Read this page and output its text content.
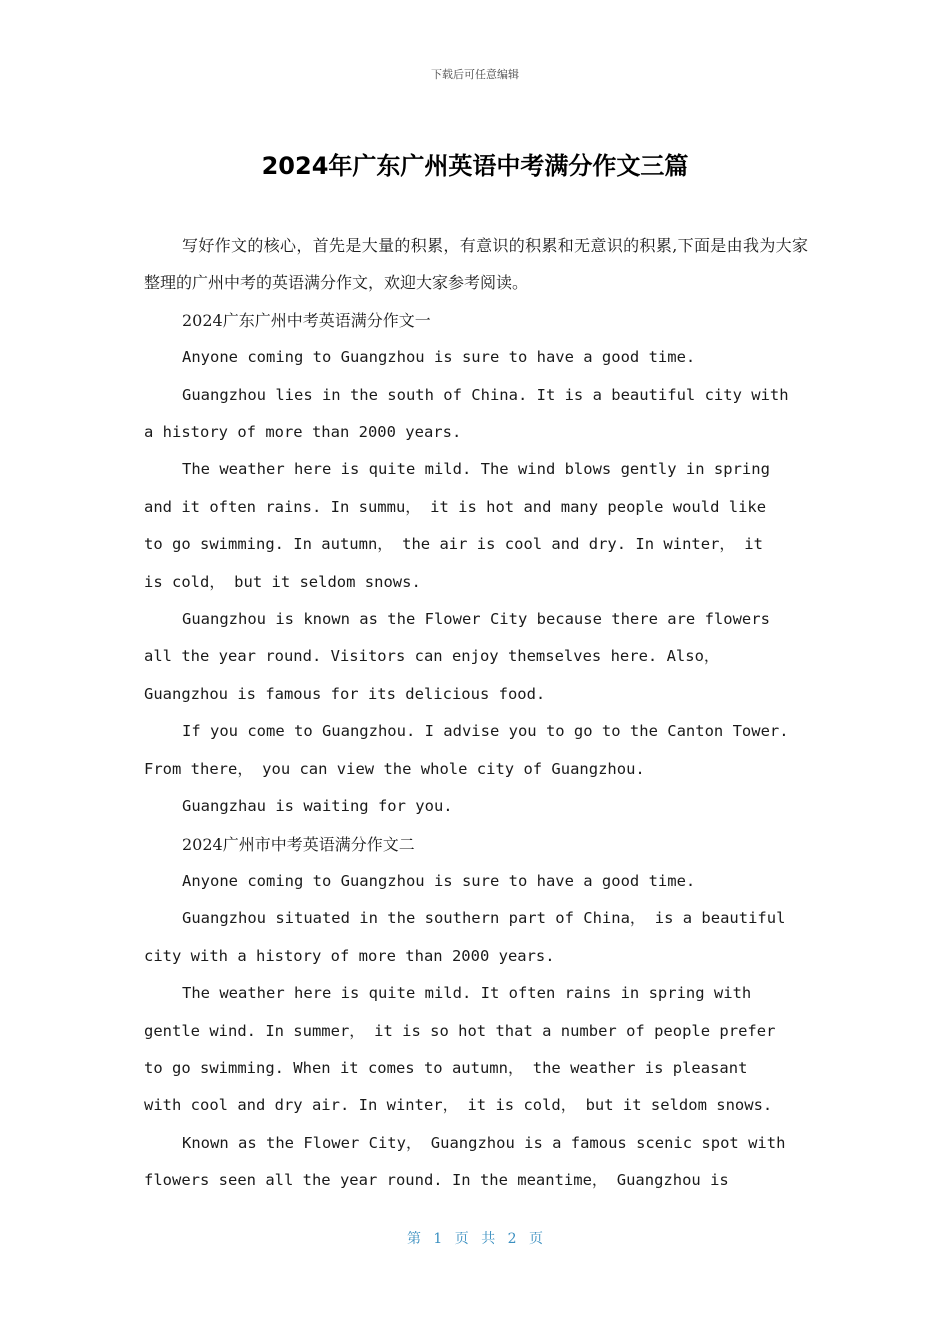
下载后可任意编辑
2024年广东广州英语中考满分作文三篇

写好作文的核心，首先是大量的积累，有意识的积累和无意识的积累,下面是由我为大家整理的广州中考的英语满分作文，欢迎大家参考阅读。

2024广东广州中考英语满分作文一

Anyone coming to Guangzhou is sure to have a good time.

Guangzhou lies in the south of China. It is a beautiful city with
a history of more than 2000 years.

The weather here is quite mild. The wind blows gently in spring
and it often rains. In summu， it is hot and many people would like
to go swimming. In autumn， the air is cool and dry. In winter， it
is cold， but it seldom snows.

Guangzhou is known as the Flower City because there are flowers
all the year round. Visitors can enjoy themselves here. Also，
Guangzhou is famous for its delicious food.

If you come to Guangzhou. I advise you to go to the Canton Tower.
From there， you can view the whole city of Guangzhou.

Guangzhau is waiting for you.

2024广州市中考英语满分作文二

Anyone coming to Guangzhou is sure to have a good time.

Guangzhou situated in the southern part of China， is a beautiful
city with a history of more than 2000 years.

The weather here is quite mild. It often rains in spring with
gentle wind. In summer， it is so hot that a number of people prefer
to go swimming. When it comes to autumn， the weather is pleasant
with cool and dry air. In winter， it is cold， but it seldom snows.

Known as the Flower City， Guangzhou is a famous scenic spot with
flowers seen all the year round. In the meantime， Guangzhou is

第 1 页 共 2 页
